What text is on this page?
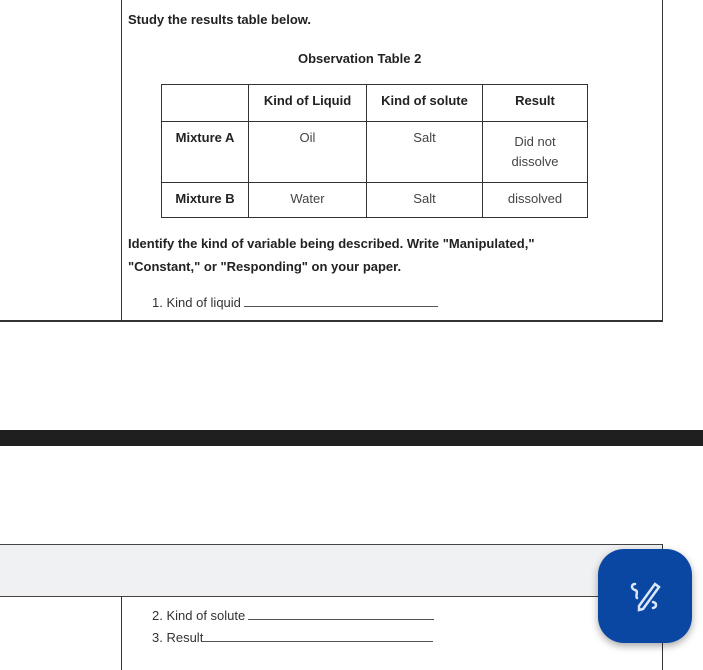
Study the results table below.
Observation Table 2
	Kind of Liquid	Kind of solute	Result
Mixture A	Oil	Salt	Did not dissolve
Mixture B	Water	Salt	dissolved
Identify the kind of variable being described. Write "Manipulated,"
"Constant," or "Responding" on your paper.
1. Kind of liquid
2. Kind of solute
3. Result
